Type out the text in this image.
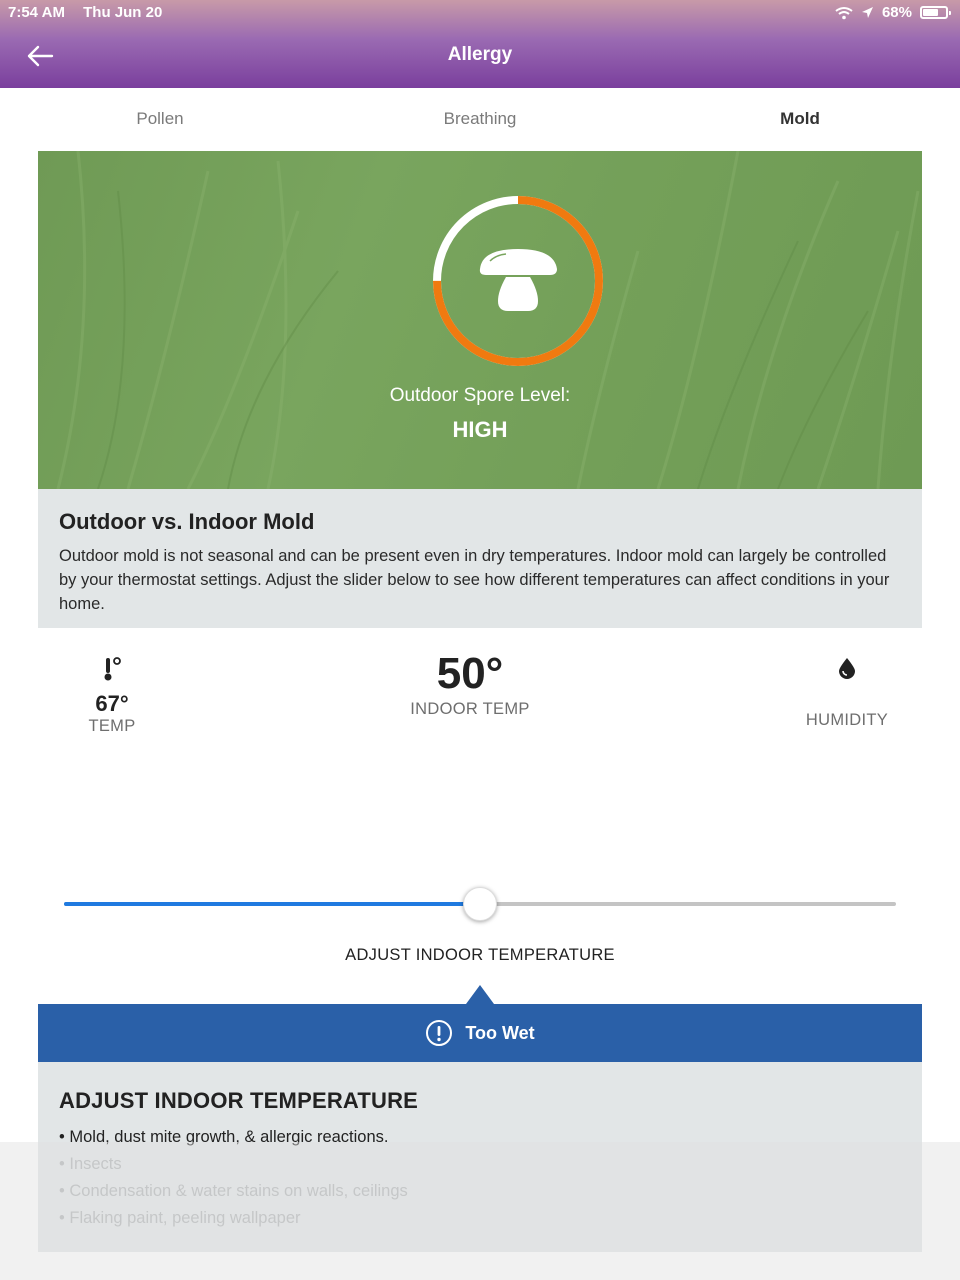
7:54 AM Thu Jun 20	68%
Allergy
Pollen	Breathing	Mold
Outdoor Spore Level:
HIGH
Outdoor vs. Indoor Mold
Outdoor mold is not seasonal and can be present even in dry temperatures. Indoor mold can largely be controlled by your thermostat settings. Adjust the slider below to see how different temperatures can affect conditions in your home.
67°
TEMP
50°
INDOOR TEMP
HUMIDITY
ADJUST INDOOR TEMPERATURE
Too Wet
ADJUST INDOOR TEMPERATURE
• Mold, dust mite growth, & allergic reactions.
• Insects
• Condensation & water stains on walls, ceilings
• Flaking paint, peeling wallpaper
